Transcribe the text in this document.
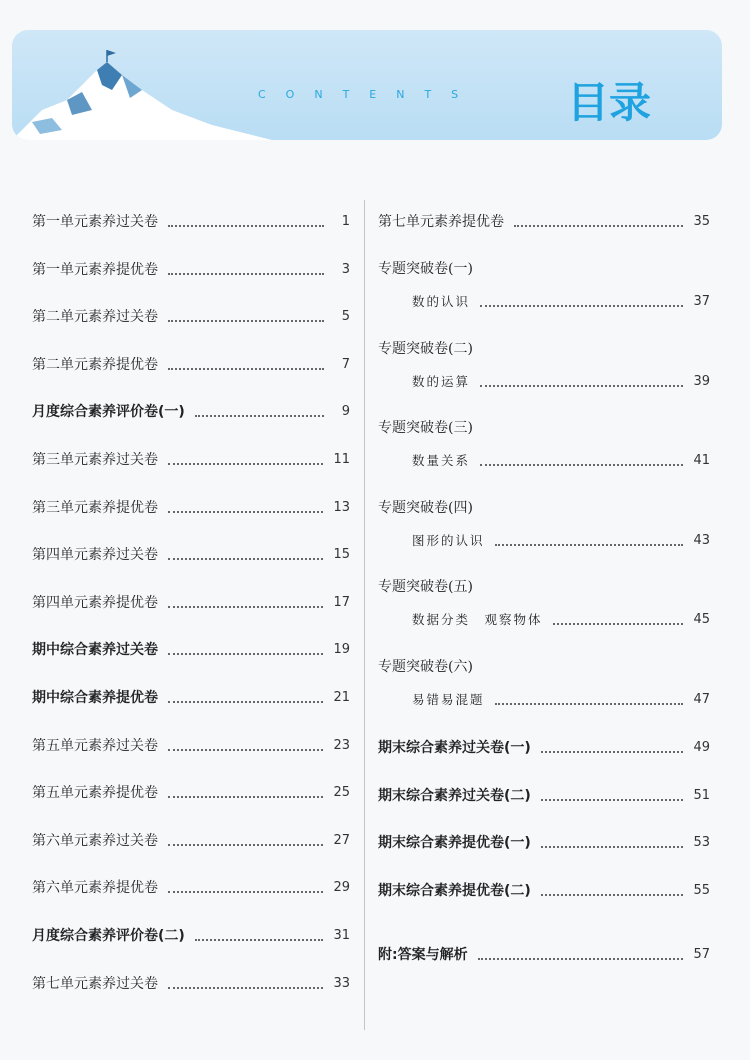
CONTENTS 目录
第一单元素养过关卷	1
第一单元素养提优卷	3
第二单元素养过关卷	5
第二单元素养提优卷	7
月度综合素养评价卷(一)	9
第三单元素养过关卷	11
第三单元素养提优卷	13
第四单元素养过关卷	15
第四单元素养提优卷	17
期中综合素养过关卷	19
期中综合素养提优卷	21
第五单元素养过关卷	23
第五单元素养提优卷	25
第六单元素养过关卷	27
第六单元素养提优卷	29
月度综合素养评价卷(二)	31
第七单元素养过关卷	33
第七单元素养提优卷	35
专题突破卷(一)
数的认识	37
专题突破卷(二)
数的运算	39
专题突破卷(三)
数量关系	41
专题突破卷(四)
图形的认识	43
专题突破卷(五)
数据分类　观察物体	45
专题突破卷(六)
易错易混题	47
期末综合素养过关卷(一)	49
期末综合素养过关卷(二)	51
期末综合素养提优卷(一)	53
期末综合素养提优卷(二)	55
附:答案与解析	57
